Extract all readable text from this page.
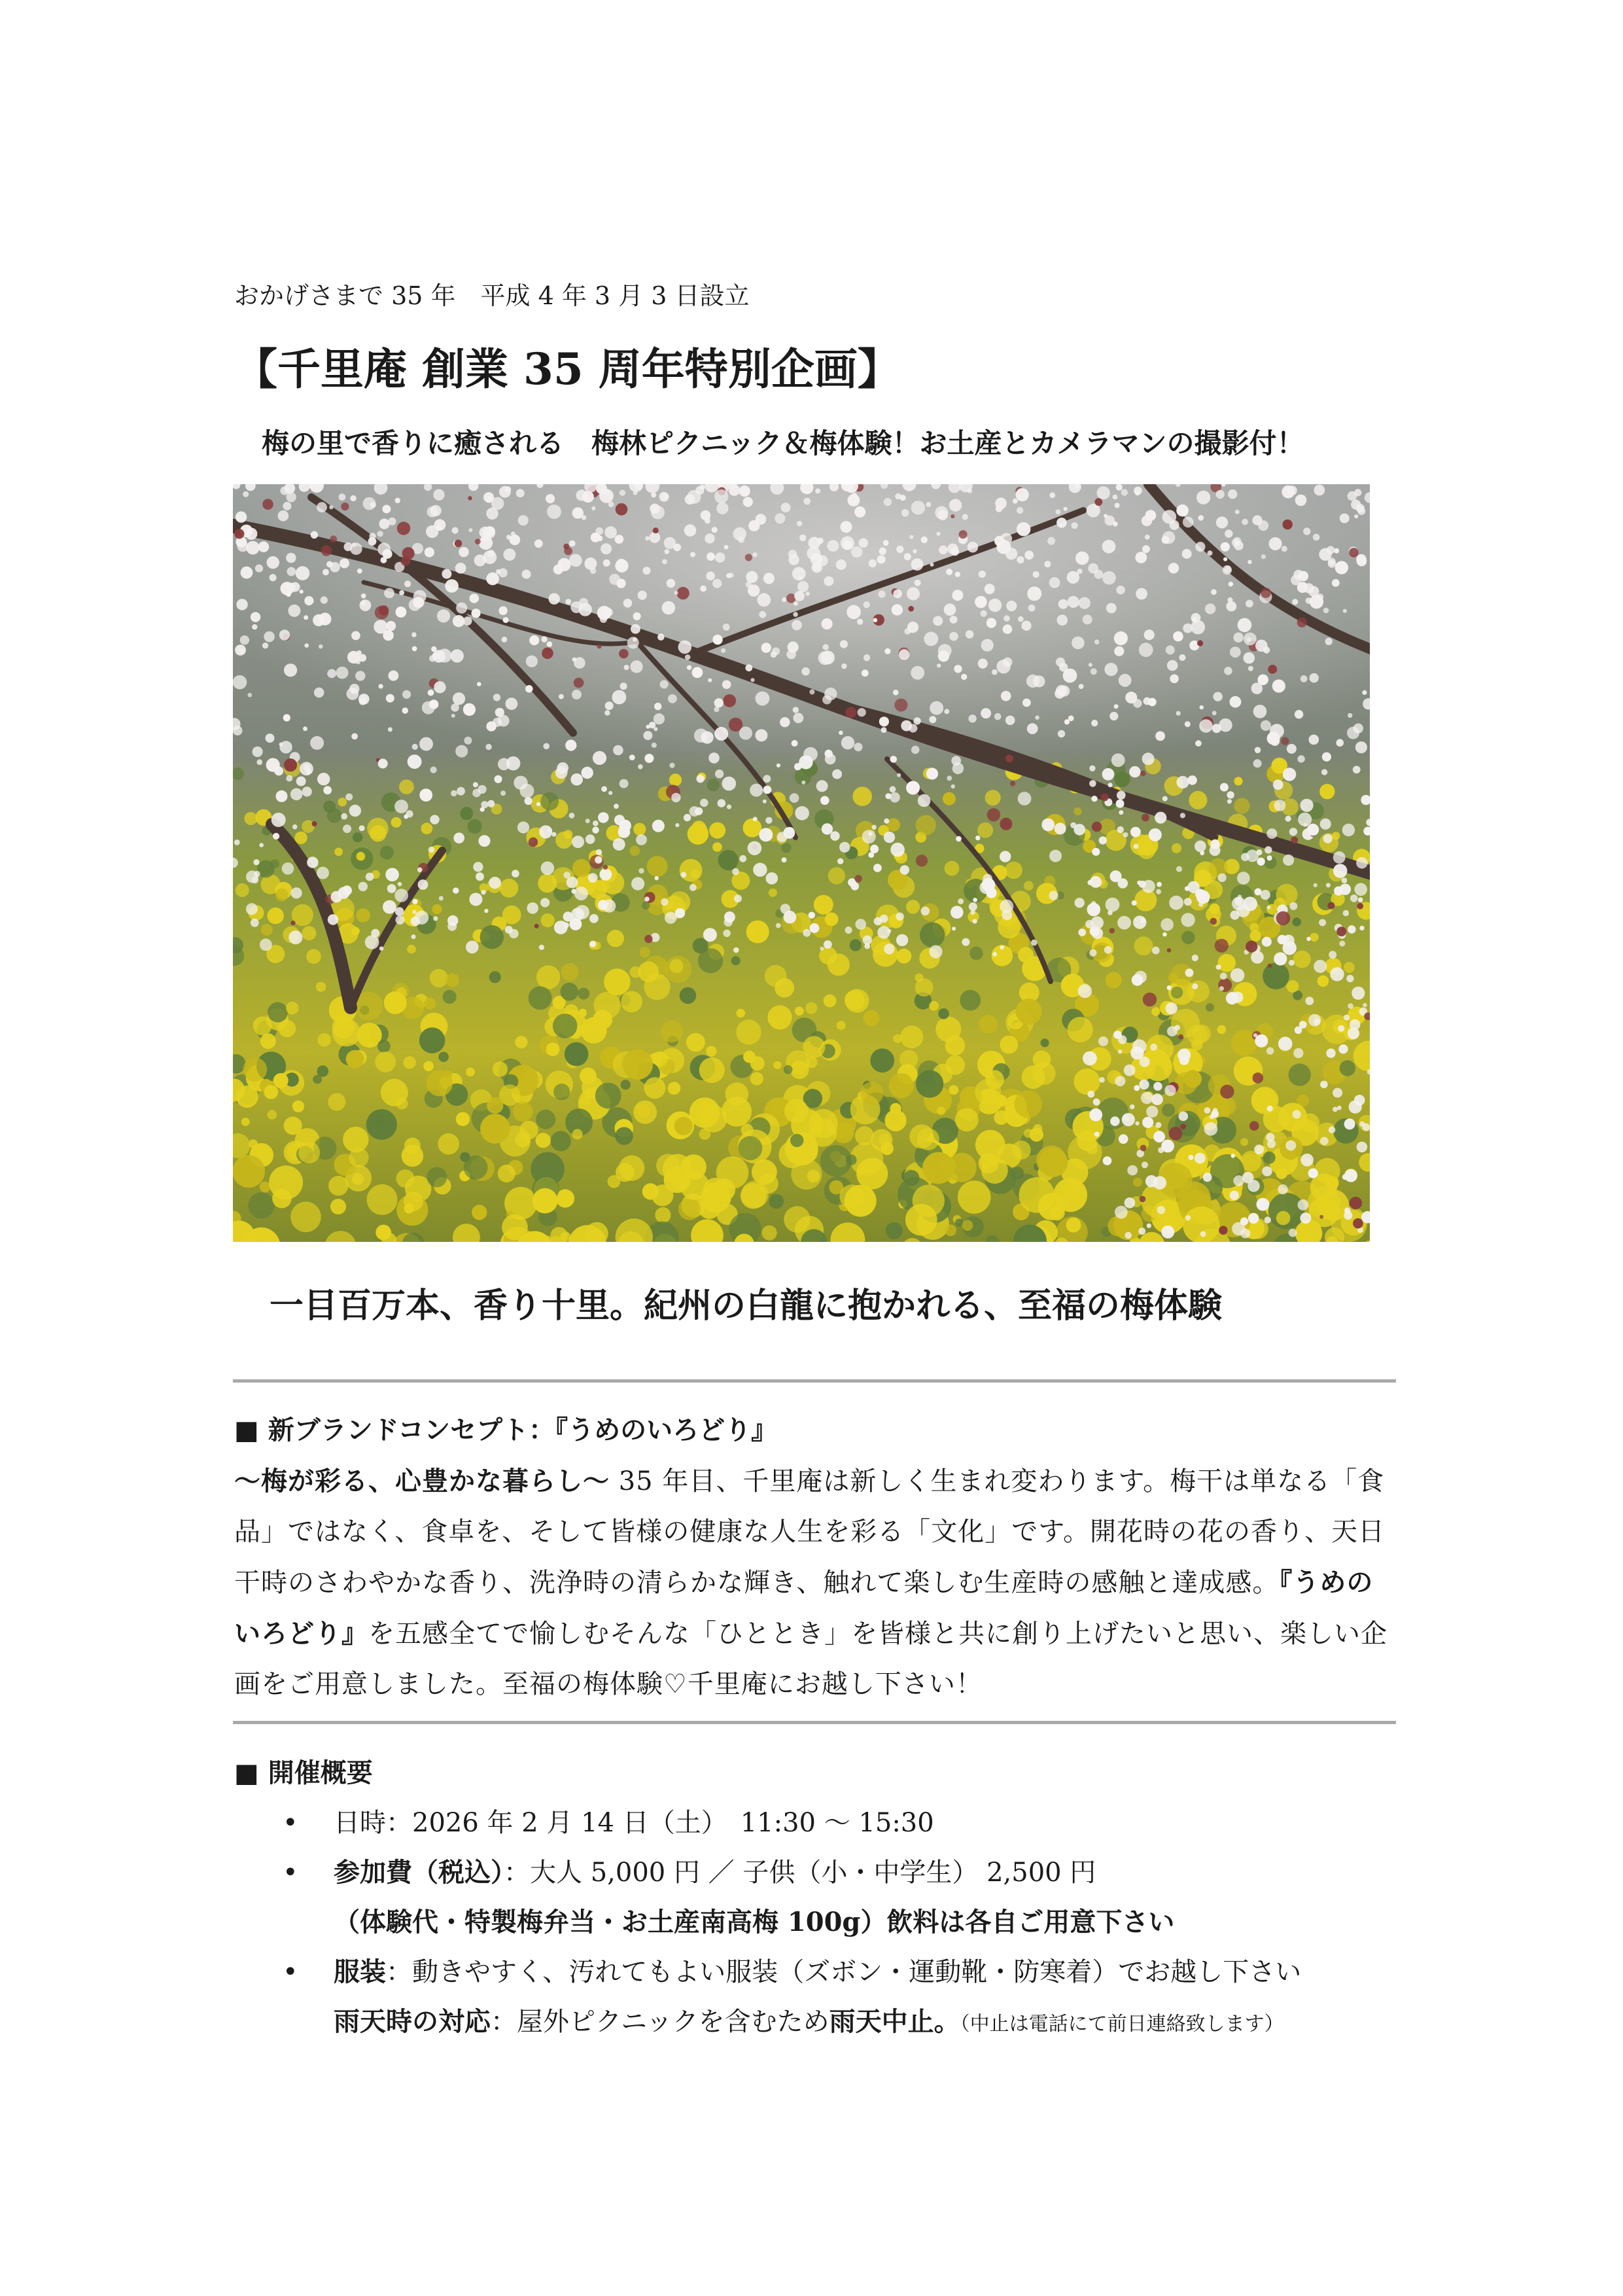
おかげさまで 35 年　平成 4 年 3 月 3 日設立
【千里庵 創業 35 周年特別企画】
梅の里で香りに癒される　梅林ピクニック＆梅体験！お土産とカメラマンの撮影付！
一目百万本、香り十里。紀州の白龍に抱かれる、至福の梅体験
■ 新ブランドコンセプト：『うめのいろどり』
〜梅が彩る、心豊かな暮らし〜 35 年目、千里庵は新しく生まれ変わります。梅干は単なる「食品」ではなく、食卓を、そして皆様の健康な人生を彩る「文化」です。開花時の花の香り、天日干時のさわやかな香り、洗浄時の清らかな輝き、触れて楽しむ生産時の感触と達成感。『うめのいろどり』を五感全てで愉しむそんな「ひととき」を皆様と共に創り上げたいと思い、楽しい企画をご用意しました。至福の梅体験♡千里庵にお越し下さい！
■ 開催概要
• 日時：2026 年 2 月 14 日（土）　11:30 〜 15:30
• 参加費（税込）：大人 5,000 円 ／ 子供（小・中学生） 2,500 円
（体験代・特製梅弁当・お土産南高梅 100g）飲料は各自ご用意下さい
• 服装：動きやすく、汚れてもよい服装（ズボン・運動靴・防寒着）でお越し下さい
雨天時の対応：屋外ピクニックを含むため雨天中止。（中止は電話にて前日連絡致します）
